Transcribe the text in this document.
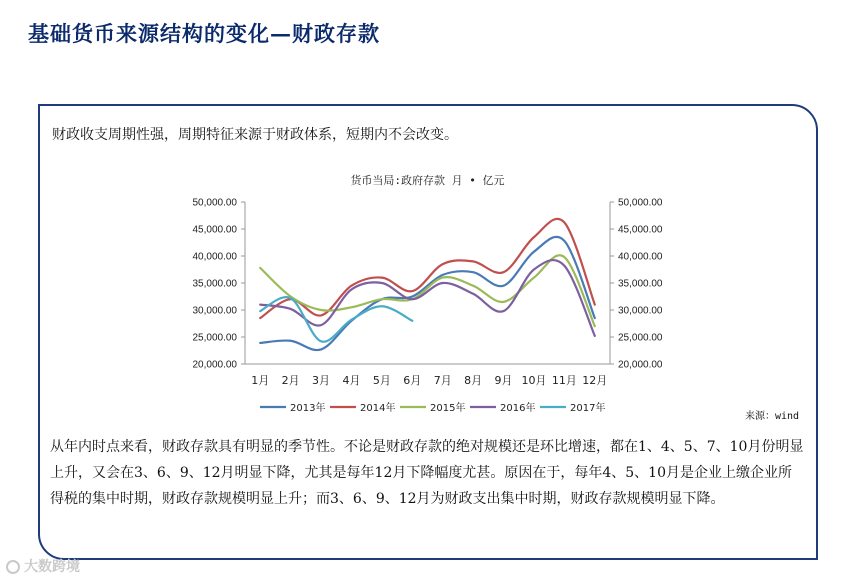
基础货币来源结构的变化—财政存款
财政收支周期性强，周期特征来源于财政体系，短期内不会改变。
货币当局:政府存款 月 • 亿元
50,000.00	50,000.00
45,000.00	45,000.00
40,000.00	40,000.00
35,000.00	35,000.00
30,000.00	30,000.00
25,000.00	25,000.00
20,000.00	20,000.00
1月 2月 3月 4月 5月 6月 7月 8月 9月 10月 11月 12月
2013年	2014年	2015年	2016年	2017年
来源：wind
从年内时点来看，财政存款具有明显的季节性。不论是财政存款的绝对规模还是环比增速，都在1、4、5、7、10月份明显上升，又会在3、6、9、12月明显下降，尤其是每年12月下降幅度尤甚。原因在于，每年4、5、10月是企业上缴企业所得税的集中时期，财政存款规模明显上升；而3、6、9、12月为财政支出集中时期，财政存款规模明显下降。
大数跨境
